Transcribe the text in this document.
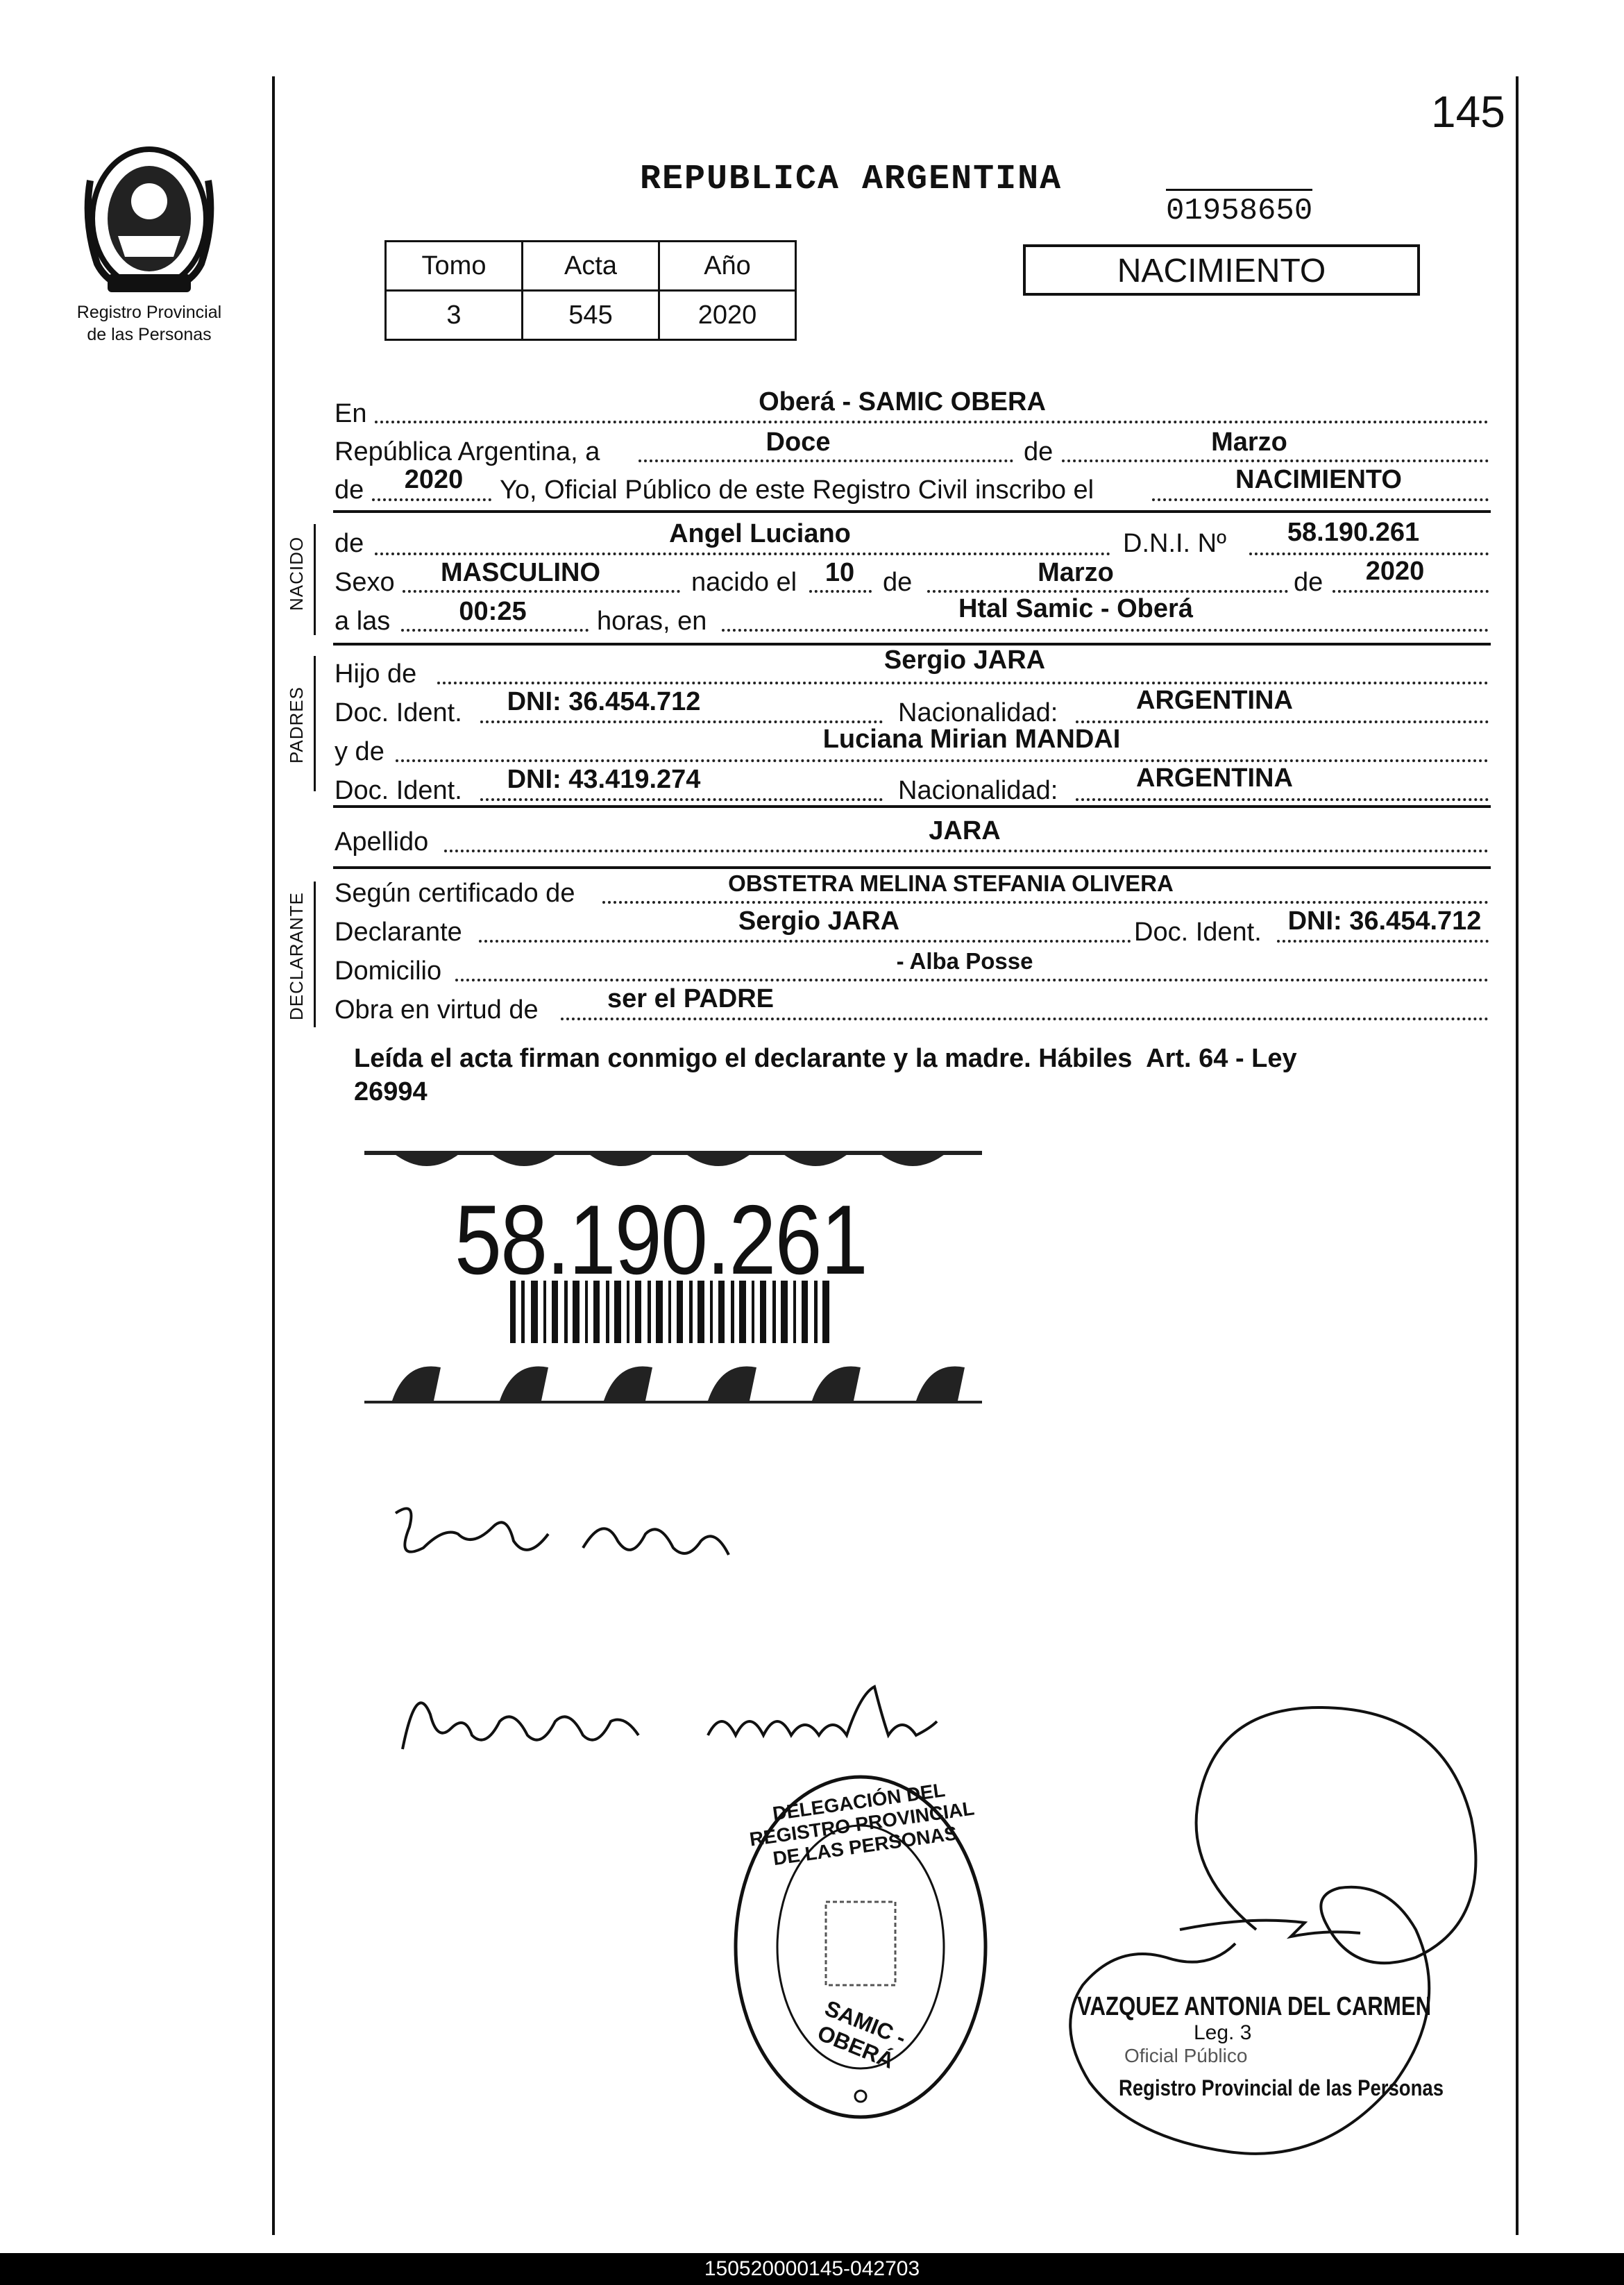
145
Registro Provincial
de las Personas
REPUBLICA ARGENTINA
01958650
NACIMIENTO
Tomo	Acta	Año
3	545	2020
En	Oberá - SAMIC OBERA
República Argentina, a	Doce	de	Marzo
de	2020	Yo, Oficial Público de este Registro Civil inscribo el	NACIMIENTO
NACIDO de	Angel Luciano	D.N.I. Nº	58.190.261
Sexo	MASCULINO	nacido el	10	de	Marzo	de	2020
a las	00:25	horas, en	Htal Samic - Oberá
PADRES
Hijo de	Sergio JARA
Doc. Ident.	DNI: 36.454.712	Nacionalidad:	ARGENTINA
y de	Luciana Mirian MANDAI
Doc. Ident.	DNI: 43.419.274	Nacionalidad:	ARGENTINA
Apellido	JARA
DECLARANTE Según certificado de	OBSTETRA MELINA STEFANIA OLIVERA
Declarante	Sergio JARA	Doc. Ident. DNI: 36.454.712
Domicilio	- Alba Posse
Obra en virtud de	ser el PADRE
Leída el acta firman conmigo el declarante y la madre. Hábiles  Art. 64 - Ley
26994
58.190.261
DELEGACIÓN DEL REGISTRO PROVINCIAL DE LAS PERSONAS
SAMIC - OBERÁ
VAZQUEZ ANTONIA DEL CARMEN
Leg. 3
Oficial Público
Registro Provincial de las Personas
150520000145-042703
